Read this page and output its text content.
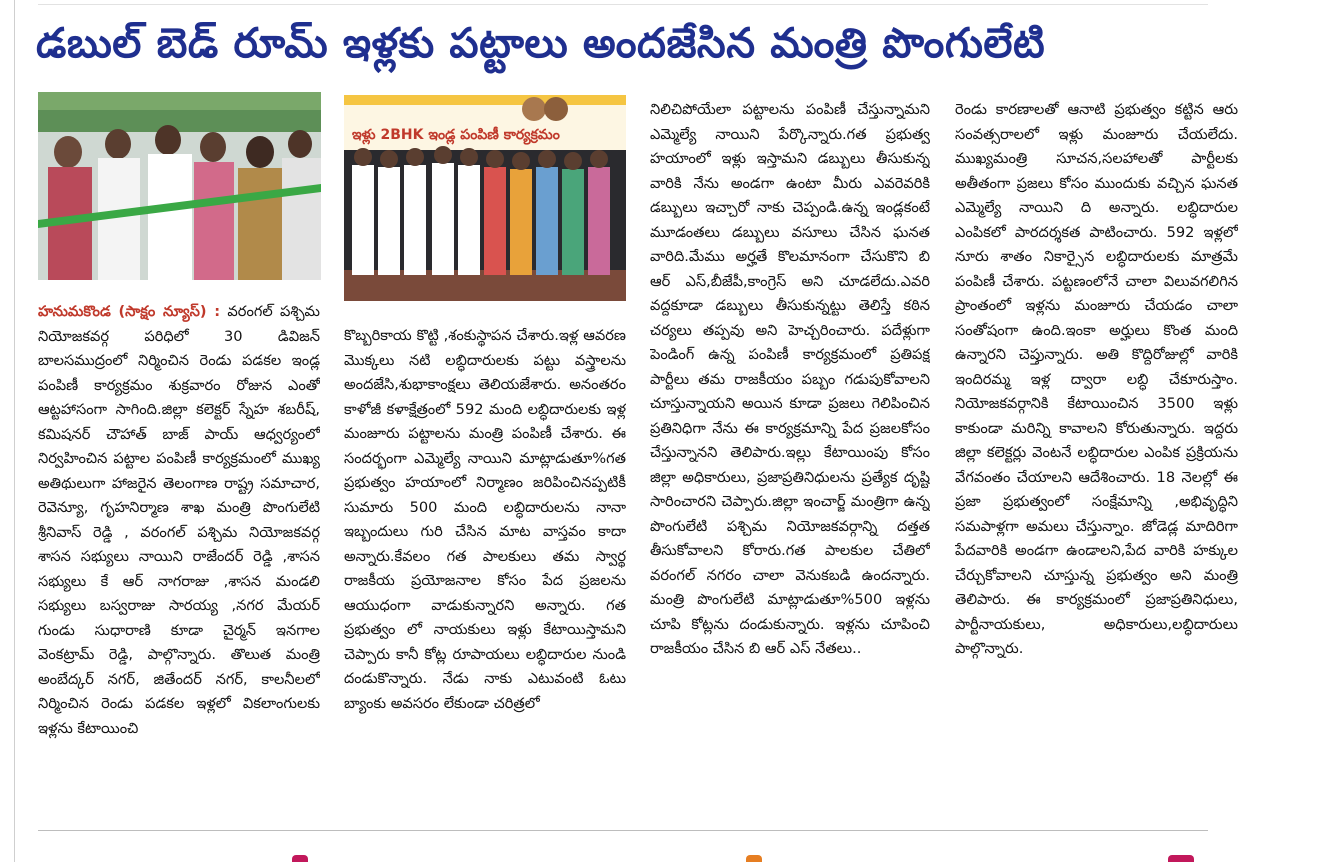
డబుల్ బెడ్ రూమ్ ఇళ్లకు పట్టాలు అందజేసిన మంత్రి పొంగులేటి
ఇళ్లు 2BHK ఇండ్ల పంపిణీ కార్యక్రమం
హనుమకొండ (సాక్షం న్యూస్) : వరంగల్ పశ్చిమ నియోజకవర్గ పరిధిలో 30 డివిజన్ బాలసముద్రంలో నిర్మించిన రెండు పడకల ఇండ్ల పంపిణీ కార్యక్రమం శుక్రవారం రోజున ఎంతో ఆట్టహాసంగా సాగింది.జిల్లా కలెక్టర్ స్నేహ శబరీష్, కమిషనర్ చౌహాత్ బాజ్ పాయ్ ఆధ్వర్యంలో నిర్వహించిన పట్టాల పంపిణీ కార్యక్రమంలో ముఖ్య అతిథులుగా హాజరైన తెలంగాణ రాష్ట్ర సమాచార, రెవెన్యూ, గృహనిర్మాణ శాఖ మంత్రి పొంగులేటి శ్రీనివాస్ రెడ్డి , వరంగల్ పశ్చిమ నియోజకవర్గ శాసన సభ్యులు నాయిని రాజేందర్ రెడ్డి ,శాసన సభ్యులు కే ఆర్ నాగరాజు ,శాసన మండలి సభ్యులు బస్వరాజు సారయ్య ,నగర మేయర్ గుండు సుధారాణి కూడా చైర్మన్ ఇనగాల వెంకట్రామ్ రెడ్డి, పాల్గొన్నారు. తొలుత మంత్రి అంబేద్కర్ నగర్, జితేందర్ నగర్, కాలనీలలో నిర్మించిన రెండు పడకల ఇళ్లలో వికలాంగులకు ఇళ్లను కేటాయించి
కొబ్బరికాయ కొట్టి ,శంకుస్థాపన చేశారు.ఇళ్ల ఆవరణ మొక్కలు నటి లబ్ధిదారులకు పట్టు వస్త్రాలను అందజేసి,శుభాకాంక్షలు తెలియజేశారు. అనంతరం కాళోజీ కళాక్షేత్రంలో 592 మంది లబ్ధిదారులకు ఇళ్ల మంజూరు పట్టాలను మంత్రి పంపిణీ చేశారు. ఈ సందర్భంగా ఎమ్మెల్యే నాయిని మాట్లాడుతూ%గత ప్రభుత్వం హయాంలో నిర్మాణం జరిపించినప్పటికీ సుమారు 500 మంది లబ్ధిదారులను నానా ఇబ్బందులు గురి చేసిన మాట వాస్తవం కాదా అన్నారు.కేవలం గత పాలకులు తమ స్వార్థ రాజకీయ ప్రయోజనాల కోసం పేద ప్రజలను ఆయుధంగా వాడుకున్నారని అన్నారు. గత ప్రభుత్వం లో నాయకులు ఇళ్లు కేటాయిస్తామని చెప్పారు కానీ కోట్ల రూపాయలు లబ్ధిదారుల నుండి దండుకొన్నారు. నేడు నాకు ఎటువంటి ఓటు బ్యాంకు అవసరం లేకుండా చరిత్రలో
నిలిచిపోయేలా పట్టాలను పంపిణీ చేస్తున్నామని ఎమ్మెల్యే నాయిని పేర్కొన్నారు.గత ప్రభుత్వ హయాంలో ఇళ్లు ఇస్తామని డబ్బులు తీసుకున్న వారికి నేను అండగా ఉంటా మీరు ఎవరెవరికి డబ్బులు ఇచ్చారో నాకు చెప్పండి.ఉన్న ఇండ్లకంటే మూడంతలు డబ్బులు వసూలు చేసిన ఘనత వారిది.మేము అర్హతే కొలమానంగా చేసుకొని బి ఆర్ ఎస్,బీజేపీ,కాంగ్రెస్ అని చూడలేదు.ఎవరి వద్దకూడా డబ్బులు తీసుకున్నట్టు తెలిస్తే కఠిన చర్యలు తప్పవు అని హెచ్చరించారు. పదేళ్లుగా పెండింగ్ ఉన్న పంపిణీ కార్యక్రమంలో ప్రతిపక్ష పార్టీలు తమ రాజకీయం పబ్బం గడుపుకోవాలని చూస్తున్నాయని అయిన కూడా ప్రజలు గెలిపించిన ప్రతినిధిగా నేను ఈ కార్యక్రమాన్ని పేద ప్రజలకోసం చేస్తున్నానని తెలిపారు.ఇల్లు కేటాయింపు కోసం జిల్లా అధికారులు, ప్రజాప్రతినిధులను ప్రత్యేక దృష్టి సారించారని చెప్పారు.జిల్లా ఇంచార్జ్ మంత్రిగా ఉన్న పొంగులేటి పశ్చిమ నియోజకవర్గాన్ని దత్తత తీసుకోవాలని కోరారు.గత పాలకుల చేతిలో వరంగల్ నగరం చాలా వెనుకబడి ఉందన్నారు. మంత్రి పొంగులేటి మాట్లాడుతూ%500 ఇళ్లను చూపి కోట్లను దండుకున్నారు. ఇళ్లను చూపించి రాజకీయం చేసిన బి ఆర్ ఎస్ నేతలు..
రెండు కారణాలతో ఆనాటి ప్రభుత్వం కట్టిన ఆరు సంవత్సరాలలో ఇళ్లు మంజూరు చేయలేదు. ముఖ్యమంత్రి సూచన,సలహాలతో పార్టీలకు అతీతంగా ప్రజలు కోసం ముందుకు వచ్చిన ఘనత ఎమ్మెల్యే నాయిని ది అన్నారు. లబ్ధిదారుల ఎంపికలో పారదర్శకత పాటించారు. 592 ఇళ్లలో నూరు శాతం నికార్సైన లబ్ధిదారులకు మాత్రమే పంపిణీ చేశారు. పట్టణంలోనే చాలా విలువగలిగిన ప్రాంతంలో ఇళ్లను మంజూరు చేయడం చాలా సంతోషంగా ఉంది.ఇంకా అర్హులు కొంత మంది ఉన్నారని చెప్తున్నారు. అతి కొద్దిరోజుల్లో వారికి ఇందిరమ్మ ఇళ్ల ద్వారా లబ్ధి చేకూరుస్తాం. నియోజకవర్గానికి కేటాయించిన 3500 ఇళ్లు కాకుండా మరిన్ని కావాలని కోరుతున్నారు. ఇద్దరు జిల్లా కలెక్టర్లు వెంటనే లబ్ధిదారుల ఎంపిక ప్రక్రియను వేగవంతం చేయాలని ఆదేశించారు. 18 నెలల్లో ఈ ప్రజా ప్రభుత్వంలో సంక్షేమాన్ని ,అభివృద్ధిని సమపాళ్లగా అమలు చేస్తున్నాం. జోడెడ్ల మాదిరిగా పేదవారికి అండగా ఉండాలని,పేద వారికి హక్కుల చేర్చుకోవాలని చూస్తున్న ప్రభుత్వం అని మంత్రి తెలిపారు. ఈ కార్యక్రమంలో ప్రజాప్రతినిధులు, పార్టీనాయకులు, అధికారులు,లబ్ధిదారులు పాల్గొన్నారు.
